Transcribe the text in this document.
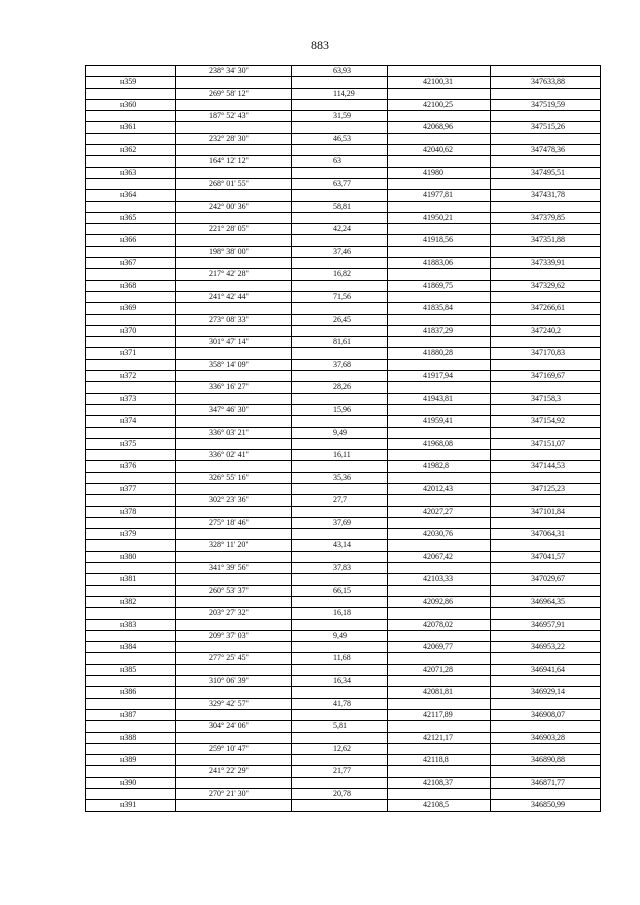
883
	238° 34' 30"	63,93		
н359			42100,31	347633,88
	269° 58' 12"	114,29		
н360			42100,25	347519,59
	187° 52' 43"	31,59		
н361			42068,96	347515,26
	232° 28' 30"	46,53		
н362			42040,62	347478,36
	164° 12' 12"	63		
н363			41980	347495,51
	268° 01' 55"	63,77		
н364			41977,81	347431,78
	242° 00' 36"	58,81		
н365			41950,21	347379,85
	221° 28' 05"	42,24		
н366			41918,56	347351,88
	198° 38' 00"	37,46		
н367			41883,06	347339,91
	217° 42' 28"	16,82		
н368			41869,75	347329,62
	241° 42' 44"	71,56		
н369			41835,84	347266,61
	273° 08' 33"	26,45		
н370			41837,29	347240,2
	301° 47' 14"	81,61		
н371			41880,28	347170,83
	358° 14' 09"	37,68		
н372			41917,94	347169,67
	336° 16' 27"	28,26		
н373			41943,81	347158,3
	347° 46' 30"	15,96		
н374			41959,41	347154,92
	336° 03' 21"	9,49		
н375			41968,08	347151,07
	336° 02' 41"	16,11		
н376			41982,8	347144,53
	326° 55' 16"	35,36		
н377			42012,43	347125,23
	302° 23' 36"	27,7		
н378			42027,27	347101,84
	275° 18' 46"	37,69		
н379			42030,76	347064,31
	328° 11' 20"	43,14		
н380			42067,42	347041,57
	341° 39' 56"	37,83		
н381			42103,33	347029,67
	260° 53' 37"	66,15		
н382			42092,86	346964,35
	203° 27' 32"	16,18		
н383			42078,02	346957,91
	209° 37' 03"	9,49		
н384			42069,77	346953,22
	277° 25' 45"	11,68		
н385			42071,28	346941,64
	310° 06' 39"	16,34		
н386			42081,81	346929,14
	329° 42' 57"	41,78		
н387			42117,89	346908,07
	304° 24' 06"	5,81		
н388			42121,17	346903,28
	259° 10' 47"	12,62		
н389			42118,8	346890,88
	241° 22' 29"	21,77		
н390			42108,37	346871,77
	270° 21' 30"	20,78		
н391			42108,5	346850,99
